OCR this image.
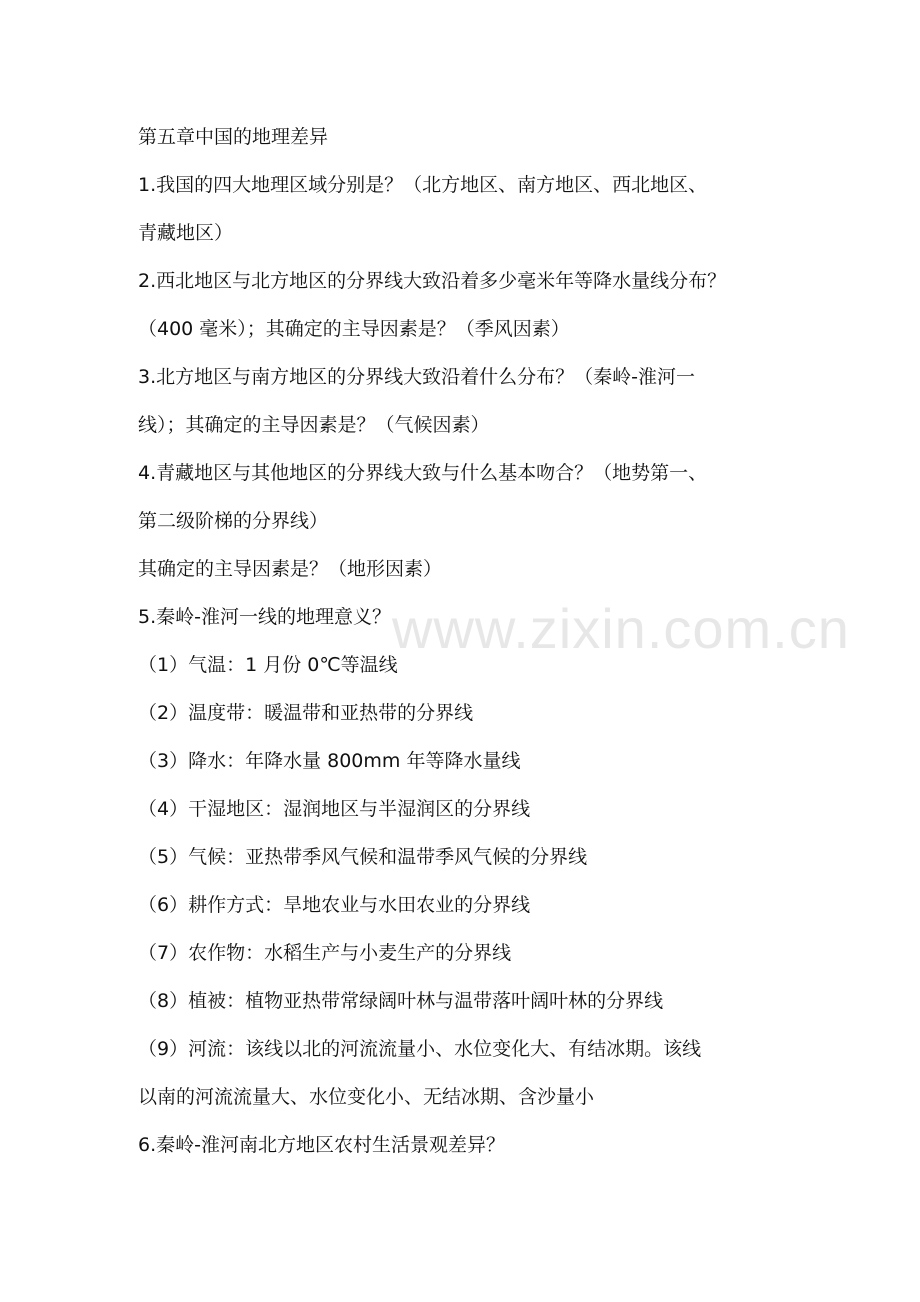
第五章中国的地理差异
1.我国的四大地理区域分别是？（北方地区、南方地区、西北地区、
青藏地区）
2.西北地区与北方地区的分界线大致沿着多少毫米年等降水量线分布？
（400 毫米）；其确定的主导因素是？（季风因素）
3.北方地区与南方地区的分界线大致沿着什么分布？（秦岭-淮河一
线）；其确定的主导因素是？（气候因素）
4.青藏地区与其他地区的分界线大致与什么基本吻合？（地势第一、
第二级阶梯的分界线）
其确定的主导因素是？（地形因素）
5.秦岭-淮河一线的地理意义？
（1）气温：1 月份 0℃等温线
（2）温度带：暖温带和亚热带的分界线
（3）降水：年降水量 800mm 年等降水量线
（4）干湿地区：湿润地区与半湿润区的分界线
（5）气候：亚热带季风气候和温带季风气候的分界线
（6）耕作方式：旱地农业与水田农业的分界线
（7）农作物：水稻生产与小麦生产的分界线
（8）植被：植物亚热带常绿阔叶林与温带落叶阔叶林的分界线
（9）河流：该线以北的河流流量小、水位变化大、有结冰期。该线
以南的河流流量大、水位变化小、无结冰期、含沙量小
6.秦岭-淮河南北方地区农村生活景观差异？
www.zixin.com.cn
